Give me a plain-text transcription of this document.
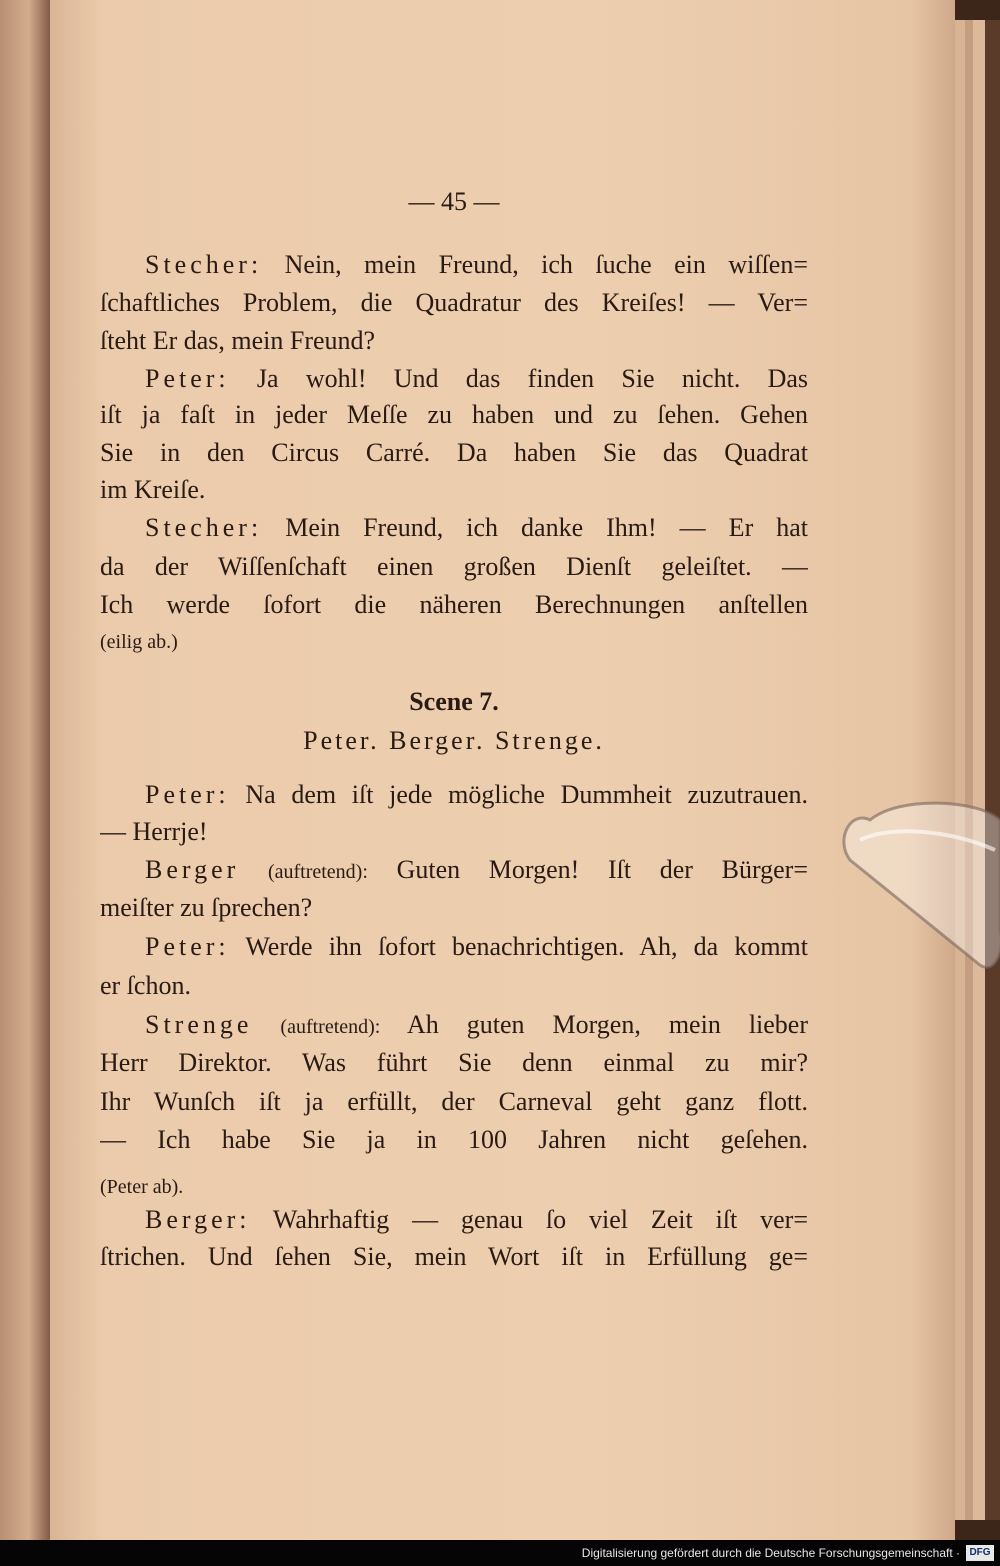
— 45 —
Stecher: Nein, mein Freund, ich ſuche ein wiſſen=
ſchaftliches Problem, die Quadratur des Kreiſes! — Ver=
ſteht Er das, mein Freund?
Peter: Ja wohl! Und das finden Sie nicht. Das
iſt ja faſt in jeder Meſſe zu haben und zu ſehen. Gehen
Sie in den Circus Carré. Da haben Sie das Quadrat
im Kreiſe.
Stecher: Mein Freund, ich danke Ihm! — Er hat
da der Wiſſenſchaft einen großen Dienſt geleiſtet. —
Ich werde ſofort die näheren Berechnungen anſtellen
(eilig ab.)
Scene 7.
Peter. Berger. Strenge.
Peter: Na dem iſt jede mögliche Dummheit zuzutrauen.
— Herrje!
Berger (auftretend): Guten Morgen! Iſt der Bürger=
meiſter zu ſprechen?
Peter: Werde ihn ſofort benachrichtigen. Ah, da kommt
er ſchon.
Strenge (auftretend): Ah guten Morgen, mein lieber
Herr Direktor. Was führt Sie denn einmal zu mir?
Ihr Wunſch iſt ja erfüllt, der Carneval geht ganz flott.
— Ich habe Sie ja in 100 Jahren nicht geſehen.
(Peter ab).
Berger: Wahrhaftig — genau ſo viel Zeit iſt ver=
ſtrichen. Und ſehen Sie, mein Wort iſt in Erfüllung ge=
Digitalisierung gefördert durch die Deutsche Forschungsgemeinschaft · DFG
